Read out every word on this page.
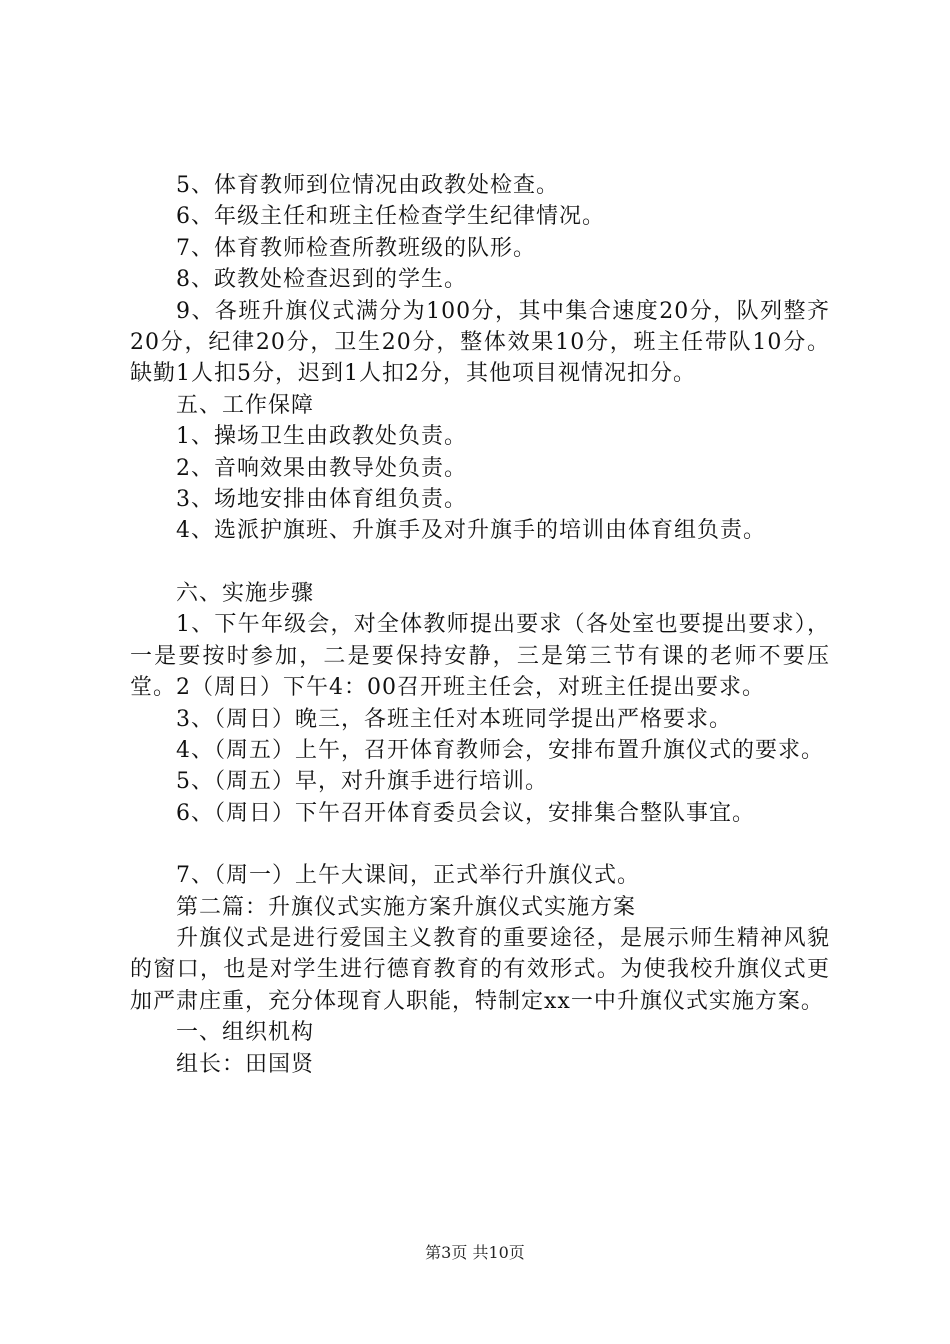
5、体育教师到位情况由政教处检查。

6、年级主任和班主任检查学生纪律情况。

7、体育教师检查所教班级的队形。

8、政教处检查迟到的学生。

9、各班升旗仪式满分为100分，其中集合速度20分，队列整齐20分，纪律20分，卫生20分，整体效果10分，班主任带队10分。缺勤1人扣5分，迟到1人扣2分，其他项目视情况扣分。

五、工作保障

1、操场卫生由政教处负责。

2、音响效果由教导处负责。

3、场地安排由体育组负责。

4、选派护旗班、升旗手及对升旗手的培训由体育组负责。

六、实施步骤

1、下午年级会，对全体教师提出要求（各处室也要提出要求），一是要按时参加，二是要保持安静，三是第三节有课的老师不要压堂。2（周日）下午4：00召开班主任会，对班主任提出要求。

3、（周日）晚三，各班主任对本班同学提出严格要求。

4、（周五）上午，召开体育教师会，安排布置升旗仪式的要求。

5、（周五）早，对升旗手进行培训。

6、（周日）下午召开体育委员会议，安排集合整队事宜。

7、（周一）上午大课间，正式举行升旗仪式。

第二篇：升旗仪式实施方案升旗仪式实施方案

升旗仪式是进行爱国主义教育的重要途径，是展示师生精神风貌的窗口，也是对学生进行德育教育的有效形式。为使我校升旗仪式更加严肃庄重，充分体现育人职能，特制定xx一中升旗仪式实施方案。

一、组织机构

组长：田国贤

第3页 共10页
